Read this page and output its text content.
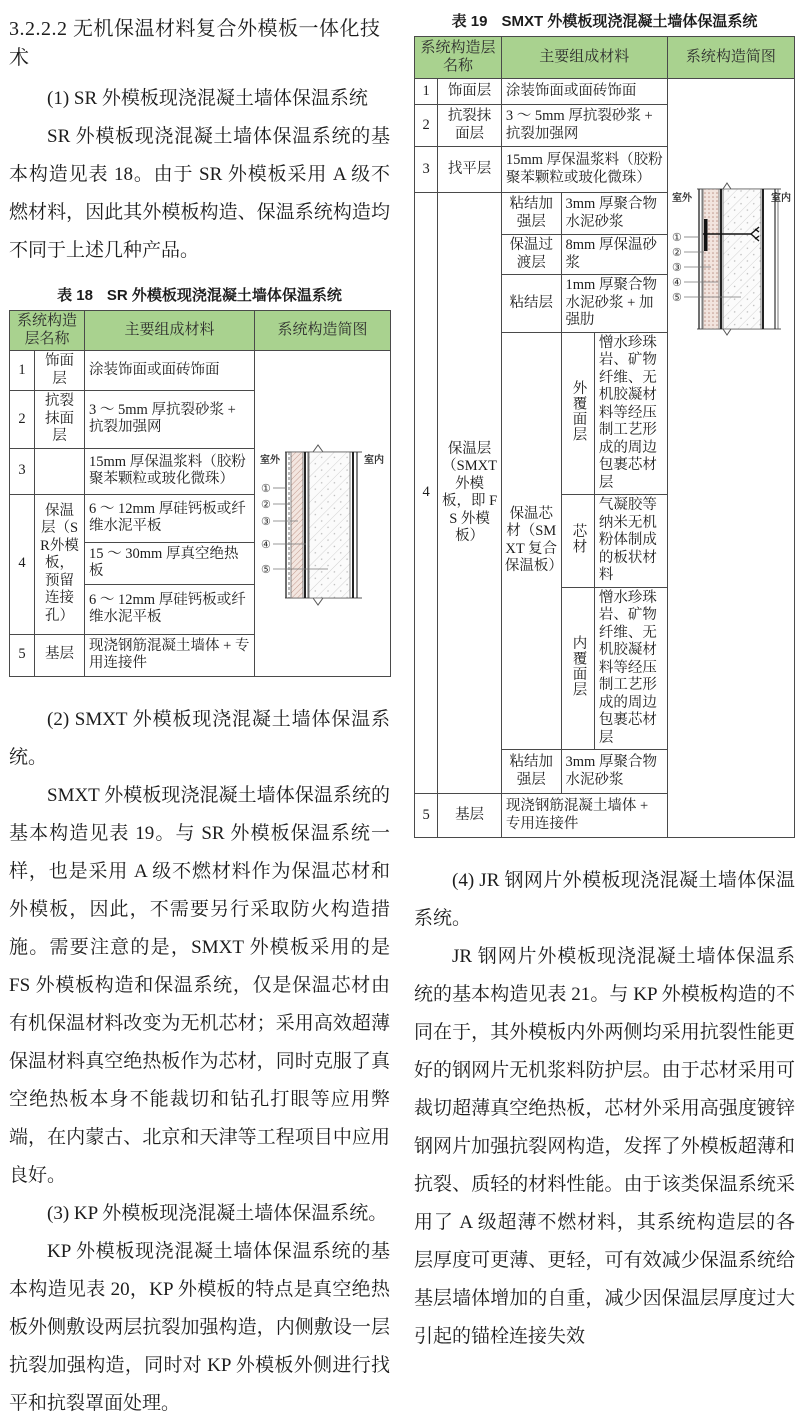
3.2.2.2 无机保温材料复合外模板一体化技术

(1) SR 外模板现浇混凝土墙体保温系统

SR 外模板现浇混凝土墙体保温系统的基本构造见表 18。由于 SR 外模板采用 A 级不燃材料，因此其外模板构造、保温系统构造均不同于上述几种产品。

表 18 SR 外模板现浇混凝土墙体保温系统
系统构造层名称		主要组成材料	系统构造简图
1	饰面层	涂装饰面或面砖饰面	
室外	室内
①
②
③
④
⑤

2	抗裂抹面层	3 ～ 5mm 厚抗裂砂浆 + 抗裂加强网	
3		15mm 厚保温浆料（胶粉聚苯颗粒或玻化微珠）	
4	保温层（SR外模板，预留连接孔）	6 ～ 12mm 厚硅钙板或纤维水泥平板	
		15 ～ 30mm 厚真空绝热板	
		6 ～ 12mm 厚硅钙板或纤维水泥平板	
5	基层	现浇钢筋混凝土墙体 + 专用连接件	

(2) SMXT 外模板现浇混凝土墙体保温系统。

SMXT 外模板现浇混凝土墙体保温系统的基本构造见表 19。与 SR 外模板保温系统一样，也是采用 A 级不燃材料作为保温芯材和外模板，因此，不需要另行采取防火构造措施。需要注意的是，SMXT 外模板采用的是 FS 外模板构造和保温系统，仅是保温芯材由有机保温材料改变为无机芯材；采用高效超薄保温材料真空绝热板作为芯材，同时克服了真空绝热板本身不能裁切和钻孔打眼等应用弊端，在内蒙古、北京和天津等工程项目中应用良好。

(3) KP 外模板现浇混凝土墙体保温系统。

KP 外模板现浇混凝土墙体保温系统的基本构造见表 20，KP 外模板的特点是真空绝热板外侧敷设两层抗裂加强构造，内侧敷设一层抗裂加强构造，同时对 KP 外模板外侧进行找平和抗裂罩面处理。

表 19 SMXT 外模板现浇混凝土墙体保温系统
系统构造层名称		主要组成材料			系统构造简图
1	饰面层	涂装饰面或面砖饰面	
室外	室内
①
②
③
④
⑤

2	抗裂抹面层	3 ～ 5mm 厚抗裂砂浆 + 抗裂加强网			
3	找平层	15mm 厚保温浆料（胶粉聚苯颗粒或玻化微珠）			
4	保温层（SMXT 外模板，即 FS 外模板）	粘结加强层	3mm 厚聚合物水泥砂浆		
		保温过渡层	8mm 厚保温砂浆		
		粘结层	1mm 厚聚合物水泥砂浆 + 加强肋		
		保温芯材（SMXT 复合保温板）	外覆面层	憎水珍珠岩、矿物纤维、无机胶凝材料等经压制工艺形成的周边包裹芯材层	
			芯材	气凝胶等纳米无机粉体制成的板状材料	
			内覆面层	憎水珍珠岩、矿物纤维、无机胶凝材料等经压制工艺形成的周边包裹芯材层	
		粘结加强层	3mm 厚聚合物水泥砂浆		
5	基层	现浇钢筋混凝土墙体 + 专用连接件			

(4) JR 钢网片外模板现浇混凝土墙体保温系统。

JR 钢网片外模板现浇混凝土墙体保温系统的基本构造见表 21。与 KP 外模板构造的不同在于，其外模板内外两侧均采用抗裂性能更好的钢网片无机浆料防护层。由于芯材采用可裁切超薄真空绝热板，芯材外采用高强度镀锌钢网片加强抗裂网构造，发挥了外模板超薄和抗裂、质轻的材料性能。由于该类保温系统采用了 A 级超薄不燃材料，其系统构造层的各层厚度可更薄、更轻，可有效减少保温系统给基层墙体增加的自重，减少因保温层厚度过大引起的锚栓连接失效
